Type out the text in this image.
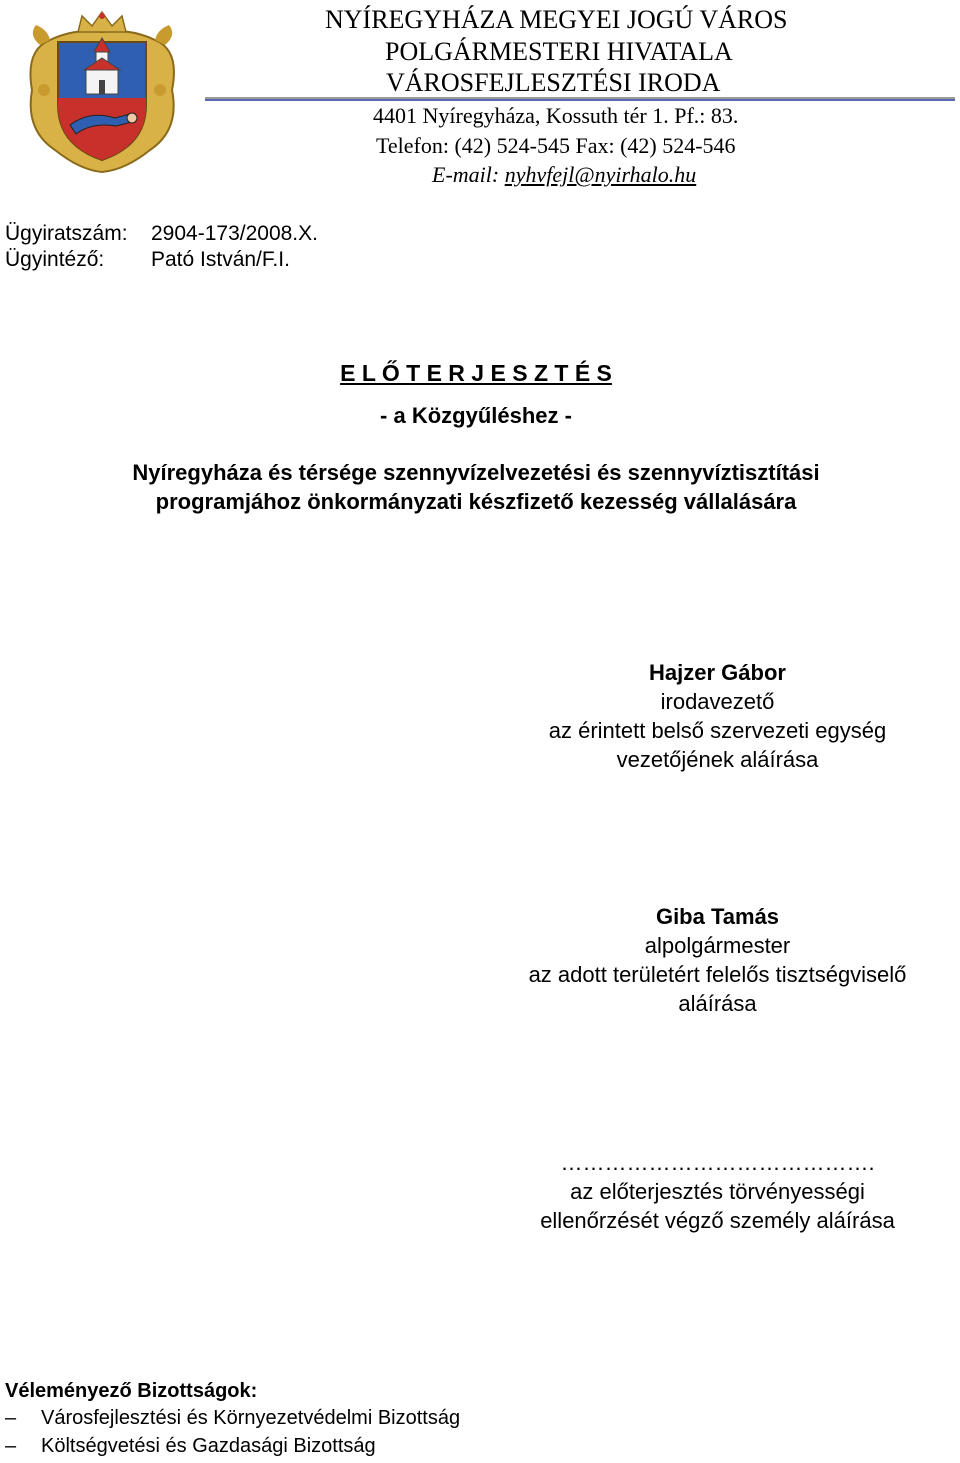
NYÍREGYHÁZA MEGYEI JOGÚ VÁROS
POLGÁRMESTERI HIVATALA
VÁROSFEJLESZTÉSI IRODA
4401 Nyíregyháza, Kossuth tér 1. Pf.: 83.
Telefon: (42) 524-545 Fax: (42) 524-546
E-mail: nyhvfejl@nyirhalo.hu
Ügyiratszám: 2904-173/2008.X.
Ügyintéző: Pató István/F.I.
E L Ő T E R J E S Z T É S
- a Közgyűléshez -
Nyíregyháza és térsége szennyvízelvezetési és szennyvíztisztítási
programjához önkormányzati készfizető kezesség vállalására
Hajzer Gábor
irodavezető
az érintett belső szervezeti egység
vezetőjének aláírása
Giba Tamás
alpolgármester
az adott területért felelős tisztségviselő
aláírása
…………………………………….
az előterjesztés törvényességi
ellenőrzését végző személy aláírása
Véleményező Bizottságok:
– Városfejlesztési és Környezetvédelmi Bizottság
– Költségvetési és Gazdasági Bizottság
